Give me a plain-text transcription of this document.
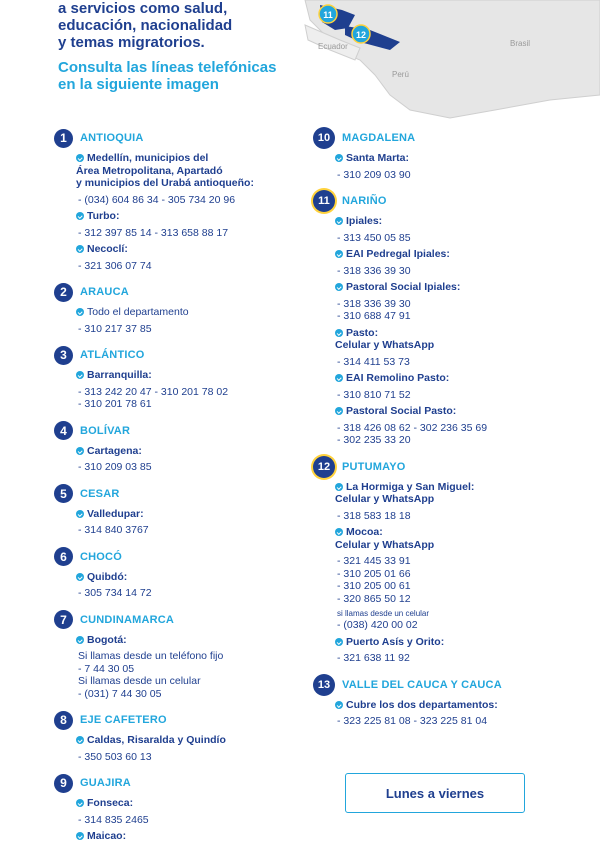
a servicios como salud,
educación, nacionalidad
y temas migratorios.
Consulta las líneas telefónicas
en la siguiente imagen
11
12
Ecuador	Brasil
Perú
1	ANTIOQUIA
Medellín, municipios del
Área Metropolitana, Apartadó
y municipios del Urabá antioqueño:
- (034) 604 86 34 - 305 734 20 96
Turbo:
- 312 397 85 14 - 313 658 88 17
Necoclí:
- 321 306 07 74
2	ARAUCA
Todo el departamento
- 310 217 37 85
3	ATLÁNTICO
Barranquilla:
- 313 242 20 47 - 310 201 78 02
- 310 201 78 61
4	BOLÍVAR
Cartagena:
- 310 209 03 85
5	CESAR
Valledupar:
- 314 840 3767
6	CHOCÓ
Quibdó:
- 305 734 14 72
7	CUNDINAMARCA
Bogotá:
Si llamas desde un teléfono fijo
- 7 44 30 05
Si llamas desde un celular
- (031) 7 44 30 05
8	EJE CAFETERO
Caldas, Risaralda y Quindío
- 350 503 60 13
9	GUAJIRA
Fonseca:
- 314 835 2465
Maicao:
10	MAGDALENA
Santa Marta:
- 310 209 03 90
11	NARIÑO
Ipiales:
- 313 450 05 85
EAI Pedregal Ipiales:
- 318 336 39 30
Pastoral Social Ipiales:
- 318 336 39 30
- 310 688 47 91
Pasto:
Celular y WhatsApp
- 314 411 53 73
EAI Remolino Pasto:
- 310 810 71 52
Pastoral Social Pasto:
- 318 426 08 62 - 302 236 35 69
- 302 235 33 20
12	PUTUMAYO
La Hormiga y San Miguel:
Celular y WhatsApp
- 318 583 18 18
Mocoa:
Celular y WhatsApp
- 321 445 33 91
- 310 205 01 66
- 310 205 00 61
- 320 865 50 12
si llamas desde un celular
- (038) 420 00 02
Puerto Asís y Orito:
- 321 638 11 92
13	VALLE DEL CAUCA Y CAUCA
Cubre los dos departamentos:
- 323 225 81 08 - 323 225 81 04
Lunes a viernes
